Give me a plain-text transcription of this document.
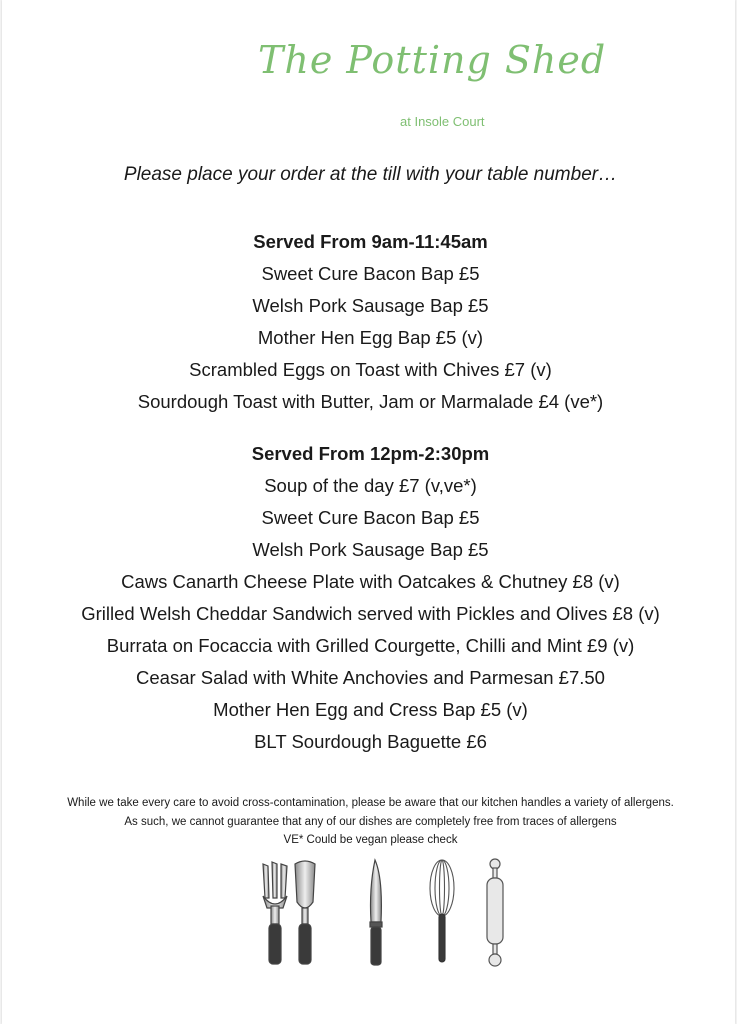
The Potting Shed
at Insole Court
Please place your order at the till with your table number…
Served From 9am-11:45am
Sweet Cure Bacon Bap £5
Welsh Pork Sausage Bap £5
Mother Hen Egg Bap £5 (v)
Scrambled Eggs on Toast with Chives £7 (v)
Sourdough Toast with Butter, Jam or Marmalade £4 (ve*)
Served From 12pm-2:30pm
Soup of the day £7 (v,ve*)
Sweet Cure Bacon Bap £5
Welsh Pork Sausage Bap £5
Caws Canarth Cheese Plate with Oatcakes & Chutney £8 (v)
Grilled Welsh Cheddar Sandwich served with Pickles and Olives £8 (v)
Burrata on Focaccia with Grilled Courgette, Chilli and Mint £9 (v)
Ceasar Salad with White Anchovies and Parmesan £7.50
Mother Hen Egg and Cress Bap £5 (v)
BLT Sourdough Baguette £6
While we take every care to avoid cross-contamination, please be aware that our kitchen handles a variety of allergens.
As such, we cannot guarantee that any of our dishes are completely free from traces of allergens
VE* Could be vegan please check
